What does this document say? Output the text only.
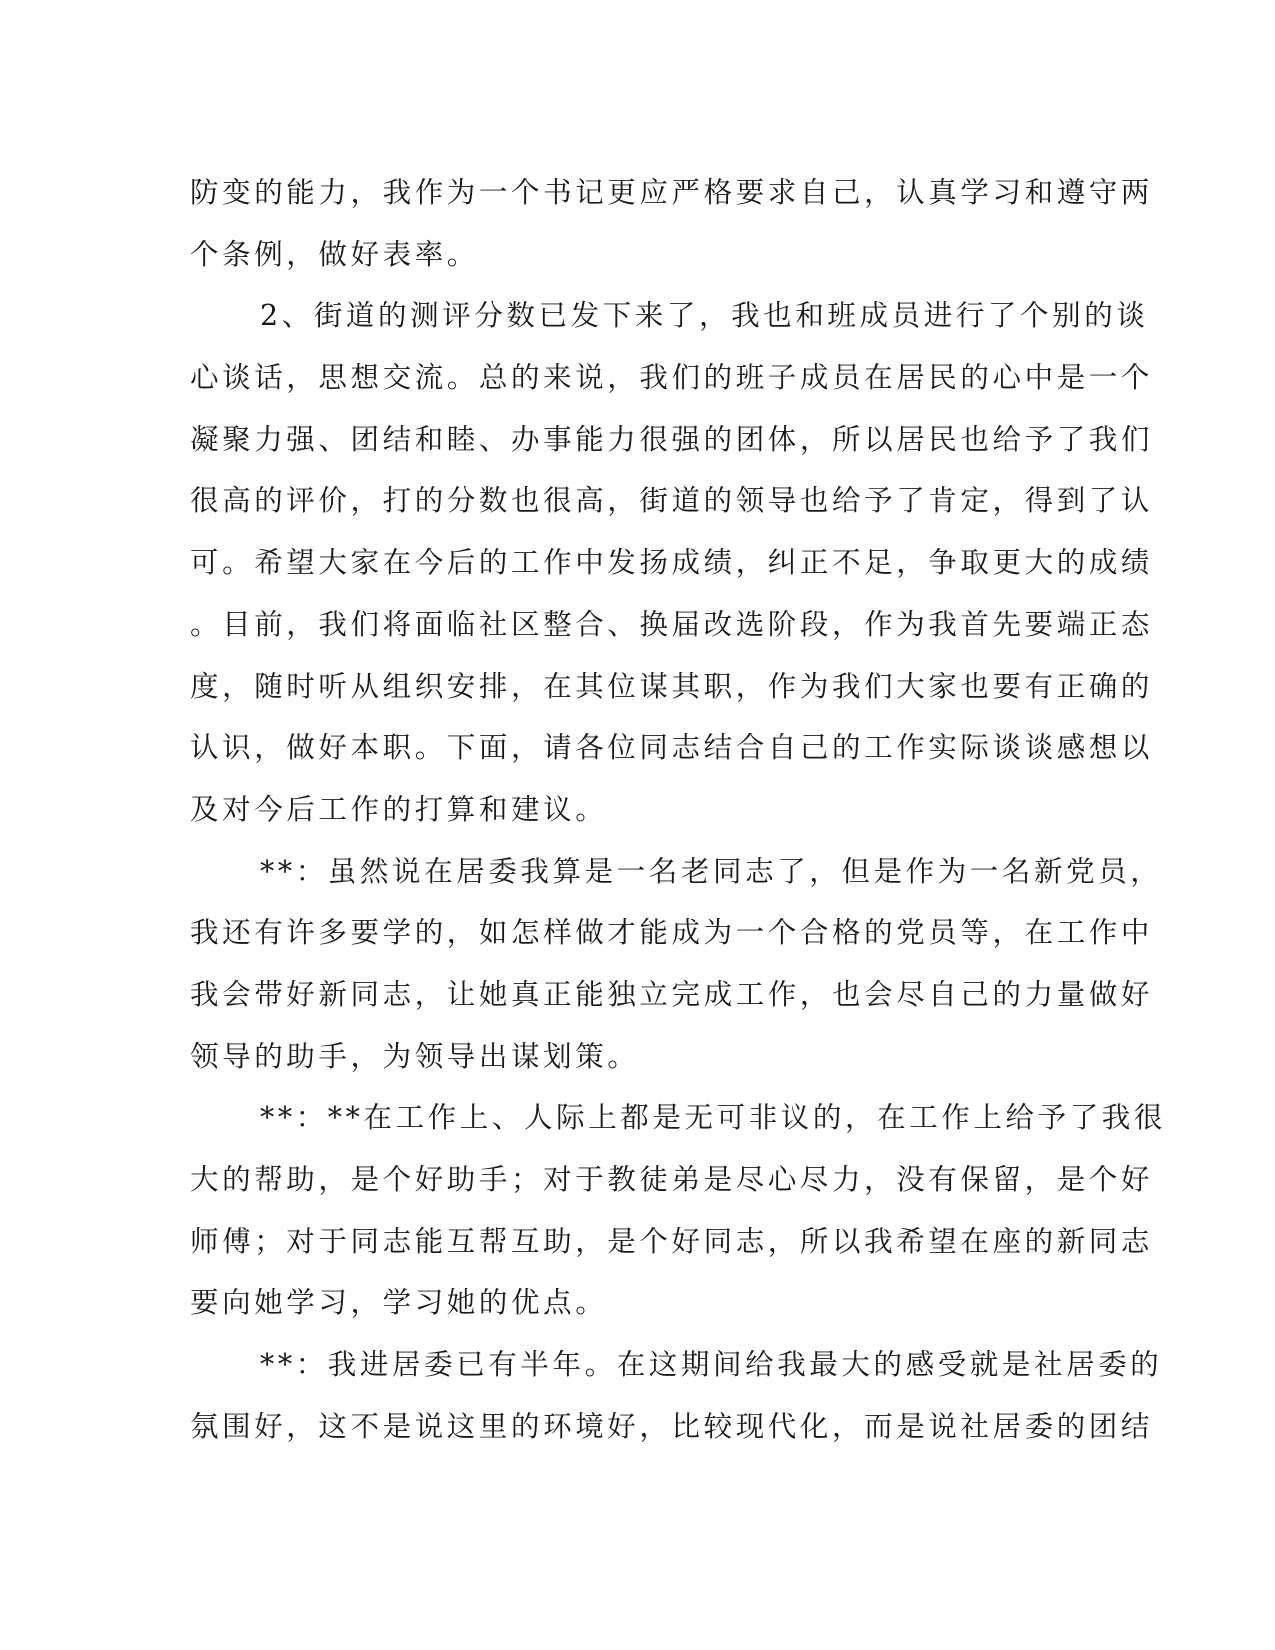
防变的能力，我作为一个书记更应严格要求自己，认真学习和遵守两
个条例，做好表率。
2、街道的测评分数已发下来了，我也和班成员进行了个别的谈
心谈话，思想交流。总的来说，我们的班子成员在居民的心中是一个
凝聚力强、团结和睦、办事能力很强的团体，所以居民也给予了我们
很高的评价，打的分数也很高，街道的领导也给予了肯定，得到了认
可。希望大家在今后的工作中发扬成绩，纠正不足，争取更大的成绩
。目前，我们将面临社区整合、换届改选阶段，作为我首先要端正态
度，随时听从组织安排，在其位谋其职，作为我们大家也要有正确的
认识，做好本职。下面，请各位同志结合自己的工作实际谈谈感想以
及对今后工作的打算和建议。
**：虽然说在居委我算是一名老同志了，但是作为一名新党员，
我还有许多要学的，如怎样做才能成为一个合格的党员等，在工作中
我会带好新同志，让她真正能独立完成工作，也会尽自己的力量做好
领导的助手，为领导出谋划策。
**：**在工作上、人际上都是无可非议的，在工作上给予了我很
大的帮助，是个好助手；对于教徒弟是尽心尽力，没有保留，是个好
师傅；对于同志能互帮互助，是个好同志，所以我希望在座的新同志
要向她学习，学习她的优点。
**：我进居委已有半年。在这期间给我最大的感受就是社居委的
氛围好，这不是说这里的环境好，比较现代化，而是说社居委的团结
